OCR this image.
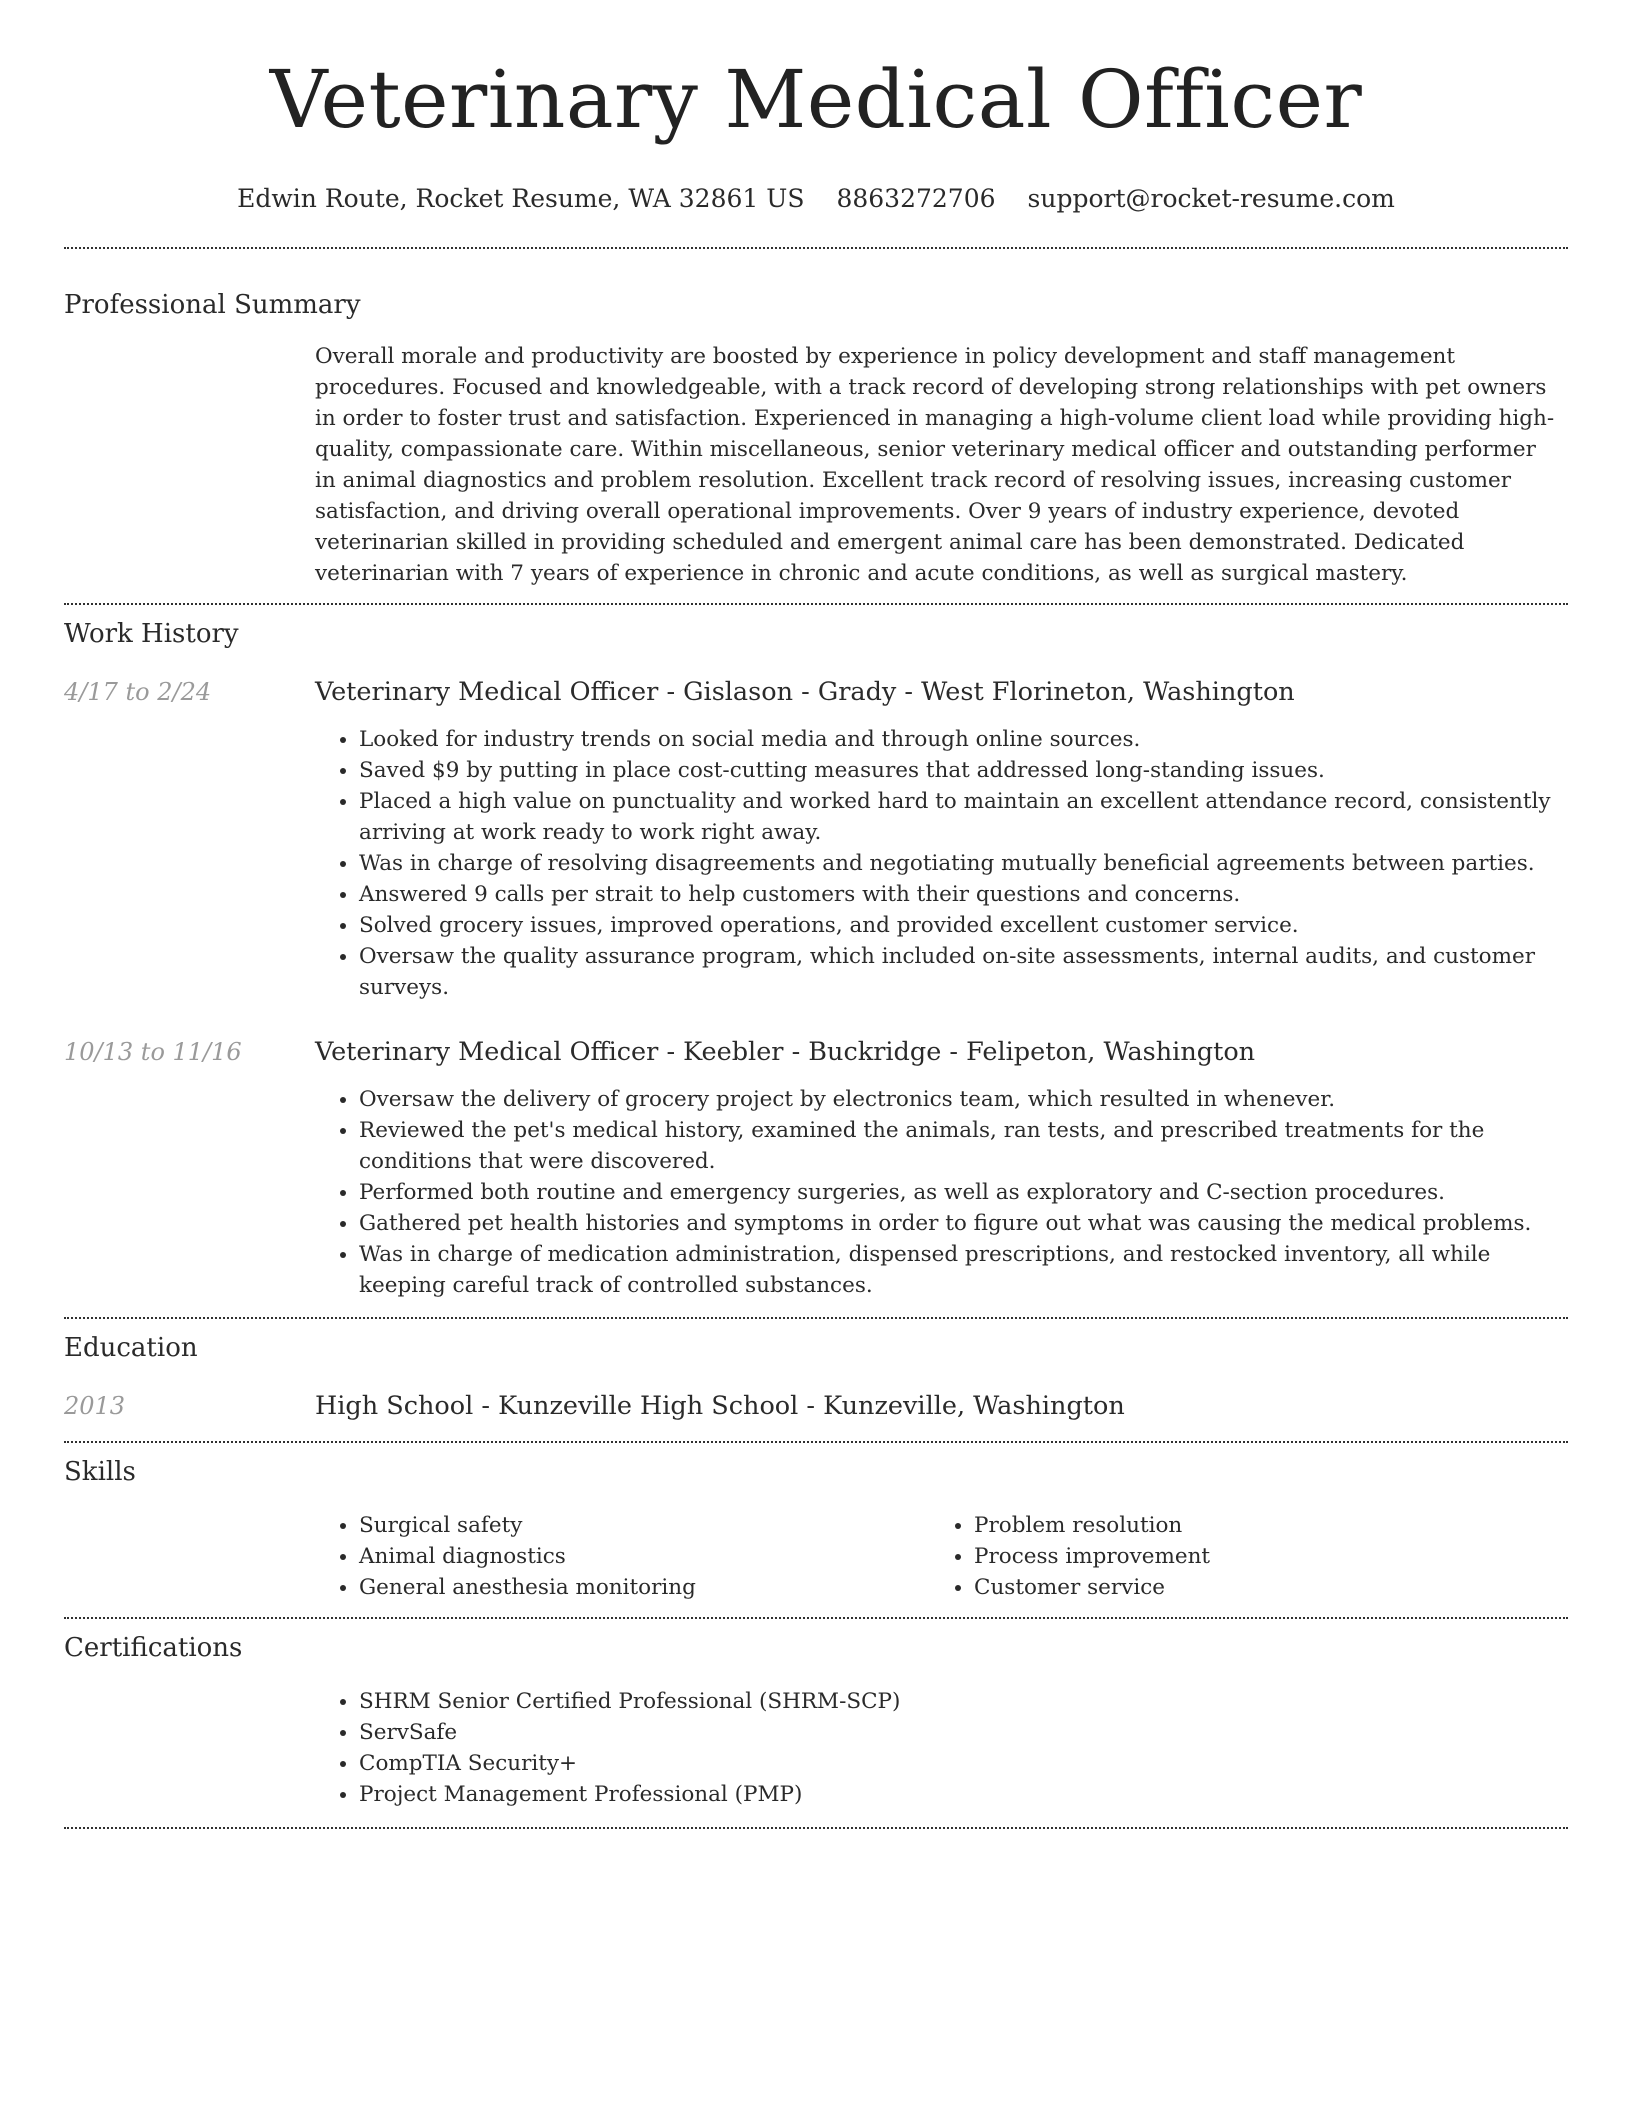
Veterinary Medical Officer
Edwin Route, Rocket Resume, WA 32861 US 8863272706 support@rocket-resume.com
Professional Summary

Overall morale and productivity are boosted by experience in policy development and staff management procedures. Focused and knowledgeable, with a track record of developing strong relationships with pet owners in order to foster trust and satisfaction. Experienced in managing a high-volume client load while providing high-quality, compassionate care. Within miscellaneous, senior veterinary medical officer and outstanding performer in animal diagnostics and problem resolution. Excellent track record of resolving issues, increasing customer satisfaction, and driving overall operational improvements. Over 9 years of industry experience, devoted veterinarian skilled in providing scheduled and emergent animal care has been demonstrated. Dedicated veterinarian with 7 years of experience in chronic and acute conditions, as well as surgical mastery.

Work History
4/17 to 2/24	Veterinary Medical Officer - Gislason - Grady - West Florineton, Washington

• Looked for industry trends on social media and through online sources.
• Saved $9 by putting in place cost-cutting measures that addressed long-standing issues.
• Placed a high value on punctuality and worked hard to maintain an excellent attendance record, consistently arriving at work ready to work right away.
• Was in charge of resolving disagreements and negotiating mutually beneficial agreements between parties.
• Answered 9 calls per strait to help customers with their questions and concerns.
• Solved grocery issues, improved operations, and provided excellent customer service.
• Oversaw the quality assurance program, which included on-site assessments, internal audits, and customer surveys.
10/13 to 11/16	Veterinary Medical Officer - Keebler - Buckridge - Felipeton, Washington

• Oversaw the delivery of grocery project by electronics team, which resulted in whenever.
• Reviewed the pet's medical history, examined the animals, ran tests, and prescribed treatments for the conditions that were discovered.
• Performed both routine and emergency surgeries, as well as exploratory and C-section procedures.
• Gathered pet health histories and symptoms in order to figure out what was causing the medical problems.
• Was in charge of medication administration, dispensed prescriptions, and restocked inventory, all while keeping careful track of controlled substances.
Education
2013	High School - Kunzeville High School - Kunzeville, Washington

Skills
• Surgical safety
• Animal diagnostics
• General anesthesia monitoring
• Problem resolution
• Process improvement
• Customer service
Certifications
• SHRM Senior Certified Professional (SHRM-SCP)
• ServSafe
• CompTIA Security+
• Project Management Professional (PMP)
